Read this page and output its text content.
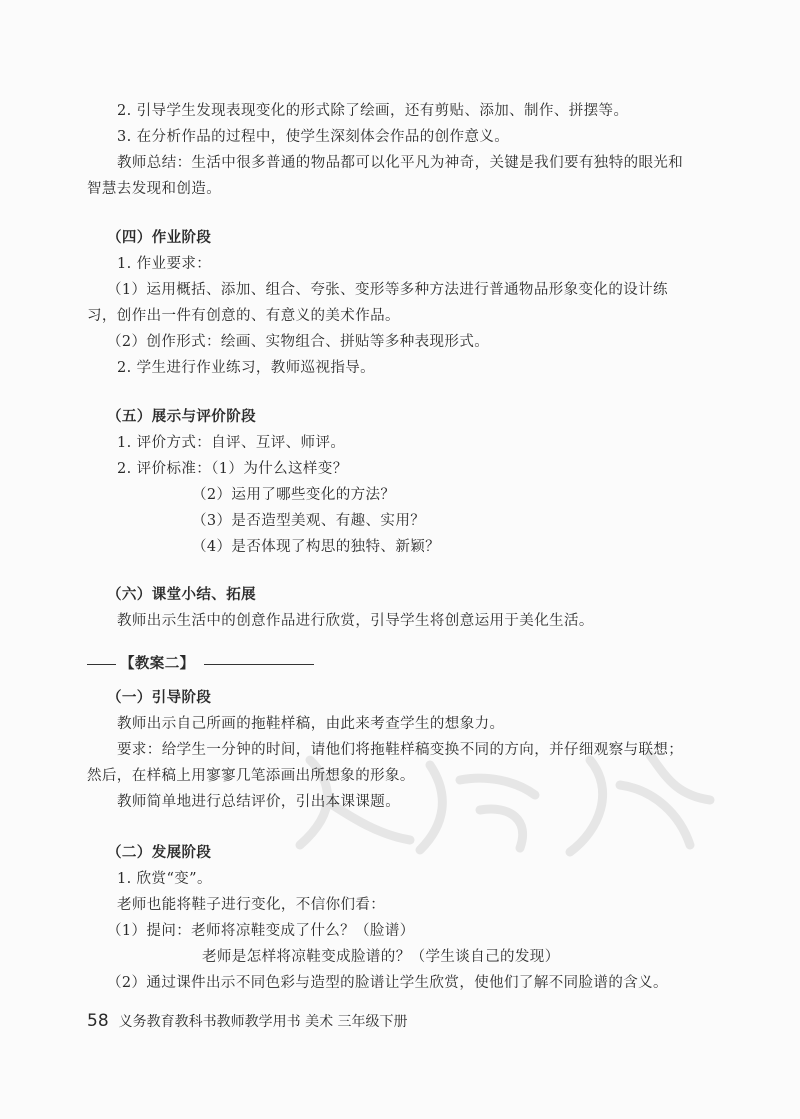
2. 引导学生发现表现变化的形式除了绘画，还有剪贴、添加、制作、拼摆等。
3. 在分析作品的过程中，使学生深刻体会作品的创作意义。
教师总结：生活中很多普通的物品都可以化平凡为神奇，关键是我们要有独特的眼光和
智慧去发现和创造。
（四）作业阶段
1. 作业要求：
（1）运用概括、添加、组合、夸张、变形等多种方法进行普通物品形象变化的设计练
习，创作出一件有创意的、有意义的美术作品。
（2）创作形式：绘画、实物组合、拼贴等多种表现形式。
2. 学生进行作业练习，教师巡视指导。
（五）展示与评价阶段
1. 评价方式：自评、互评、师评。
2. 评价标准：（1）为什么这样变？
（2）运用了哪些变化的方法？
（3）是否造型美观、有趣、实用？
（4）是否体现了构思的独特、新颖？
（六）课堂小结、拓展
教师出示生活中的创意作品进行欣赏，引导学生将创意运用于美化生活。
【教案二】
（一）引导阶段
教师出示自己所画的拖鞋样稿，由此来考查学生的想象力。
要求：给学生一分钟的时间，请他们将拖鞋样稿变换不同的方向，并仔细观察与联想；
然后，在样稿上用寥寥几笔添画出所想象的形象。
教师简单地进行总结评价，引出本课课题。
（二）发展阶段
1. 欣赏“变”。
老师也能将鞋子进行变化，不信你们看：
（1）提问：老师将凉鞋变成了什么？（脸谱）
老师是怎样将凉鞋变成脸谱的？（学生谈自己的发现）
（2）通过课件出示不同色彩与造型的脸谱让学生欣赏，使他们了解不同脸谱的含义。
58 义务教育教科书教师教学用书 美术 三年级下册
